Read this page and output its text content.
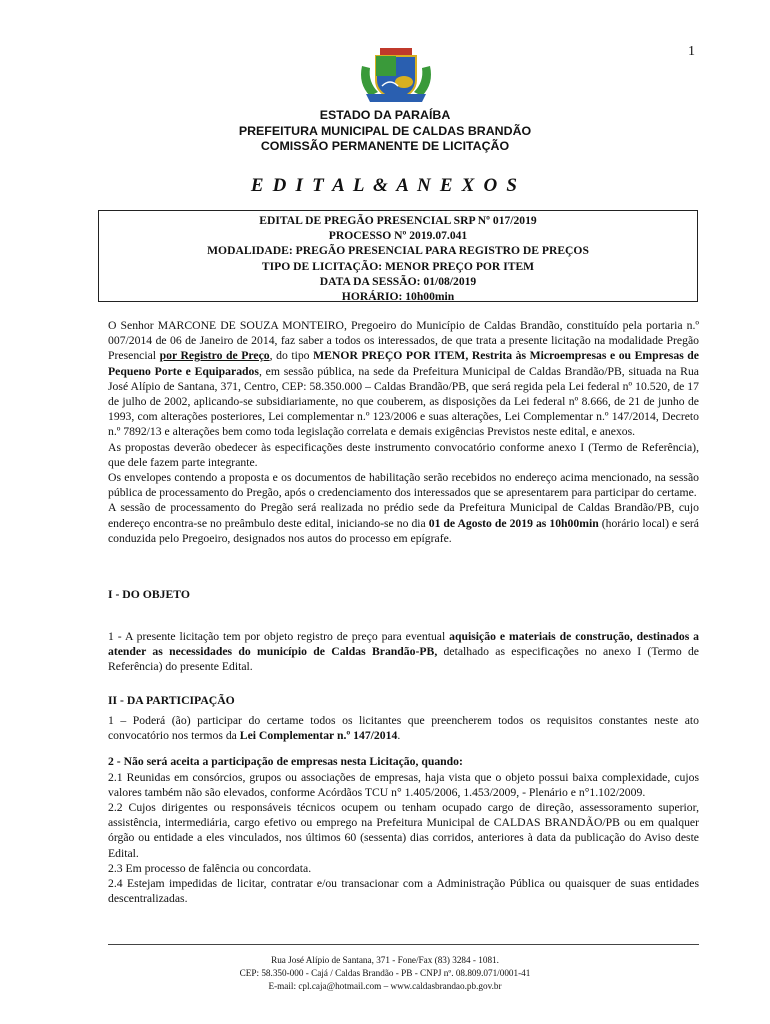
1
ESTADO DA PARAÍBA
PREFEITURA MUNICIPAL DE CALDAS BRANDÃO
COMISSÃO PERMANENTE DE LICITAÇÃO
E D I T A L & A N E X O S
EDITAL DE PREGÃO PRESENCIAL SRP Nº 017/2019
PROCESSO Nº 2019.07.041
MODALIDADE: PREGÃO PRESENCIAL PARA REGISTRO DE PREÇOS
TIPO DE LICITAÇÃO: MENOR PREÇO POR ITEM
DATA DA SESSÃO: 01/08/2019
HORÁRIO: 10h00min

O Senhor MARCONE DE SOUZA MONTEIRO, Pregoeiro do Município de Caldas Brandão, constituído pela portaria n.º 007/2014 de 06 de Janeiro de 2014, faz saber a todos os interessados, de que trata a presente licitação na modalidade Pregão Presencial por Registro de Preço, do tipo MENOR PREÇO POR ITEM, Restrita às Microempresas e ou Empresas de Pequeno Porte e Equiparados, em sessão pública, na sede da Prefeitura Municipal de Caldas Brandão/PB, situada na Rua José Alípio de Santana, 371, Centro, CEP: 58.350.000 – Caldas Brandão/PB, que será regida pela Lei federal nº 10.520, de 17 de julho de 2002, aplicando-se subsidiariamente, no que couberem, as disposições da Lei federal nº 8.666, de 21 de junho de 1993, com alterações posteriores, Lei complementar n.º 123/2006 e suas alterações, Lei Complementar n.º 147/2014, Decreto n.º 7892/13 e alterações bem como toda legislação correlata e demais exigências Previstos neste edital, e anexos.

As propostas deverão obedecer às especificações deste instrumento convocatório conforme anexo I (Termo de Referência), que dele fazem parte integrante.

Os envelopes contendo a proposta e os documentos de habilitação serão recebidos no endereço acima mencionado, na sessão pública de processamento do Pregão, após o credenciamento dos interessados que se apresentarem para participar do certame.

A sessão de processamento do Pregão será realizada no prédio sede da Prefeitura Municipal de Caldas Brandão/PB, cujo endereço encontra-se no preâmbulo deste edital, iniciando-se no dia 01 de Agosto de 2019 as 10h00min (horário local) e será conduzida pelo Pregoeiro, designados nos autos do processo em epígrafe.

I - DO OBJETO

1 - A presente licitação tem por objeto registro de preço para eventual aquisição e materiais de construção, destinados a atender as necessidades do município de Caldas Brandão-PB, detalhado as especificações no anexo I (Termo de Referência) do presente Edital.

II - DA PARTICIPAÇÃO

1 – Poderá (ão) participar do certame todos os licitantes que preencherem todos os requisitos constantes neste ato convocatório nos termos da Lei Complementar n.º 147/2014.

2 - Não será aceita a participação de empresas nesta Licitação, quando:

2.1 Reunidas em consórcios, grupos ou associações de empresas, haja vista que o objeto possui baixa complexidade, cujos valores também não são elevados, conforme Acórdãos TCU n° 1.405/2006, 1.453/2009, - Plenário e n°1.102/2009.

2.2 Cujos dirigentes ou responsáveis técnicos ocupem ou tenham ocupado cargo de direção, assessoramento superior, assistência, intermediária, cargo efetivo ou emprego na Prefeitura Municipal de CALDAS BRANDÃO/PB ou em qualquer órgão ou entidade a eles vinculados, nos últimos 60 (sessenta) dias corridos, anteriores à data da publicação do Aviso deste Edital.

2.3 Em processo de falência ou concordata.

2.4 Estejam impedidas de licitar, contratar e/ou transacionar com a Administração Pública ou quaisquer de suas entidades descentralizadas.

Rua José Alípio de Santana, 371 - Fone/Fax (83) 3284 - 1081.
CEP: 58.350-000 - Cajá / Caldas Brandão - PB - CNPJ nº. 08.809.071/0001-41
E-mail: cpl.caja@hotmail.com – www.caldasbrandao.pb.gov.br
